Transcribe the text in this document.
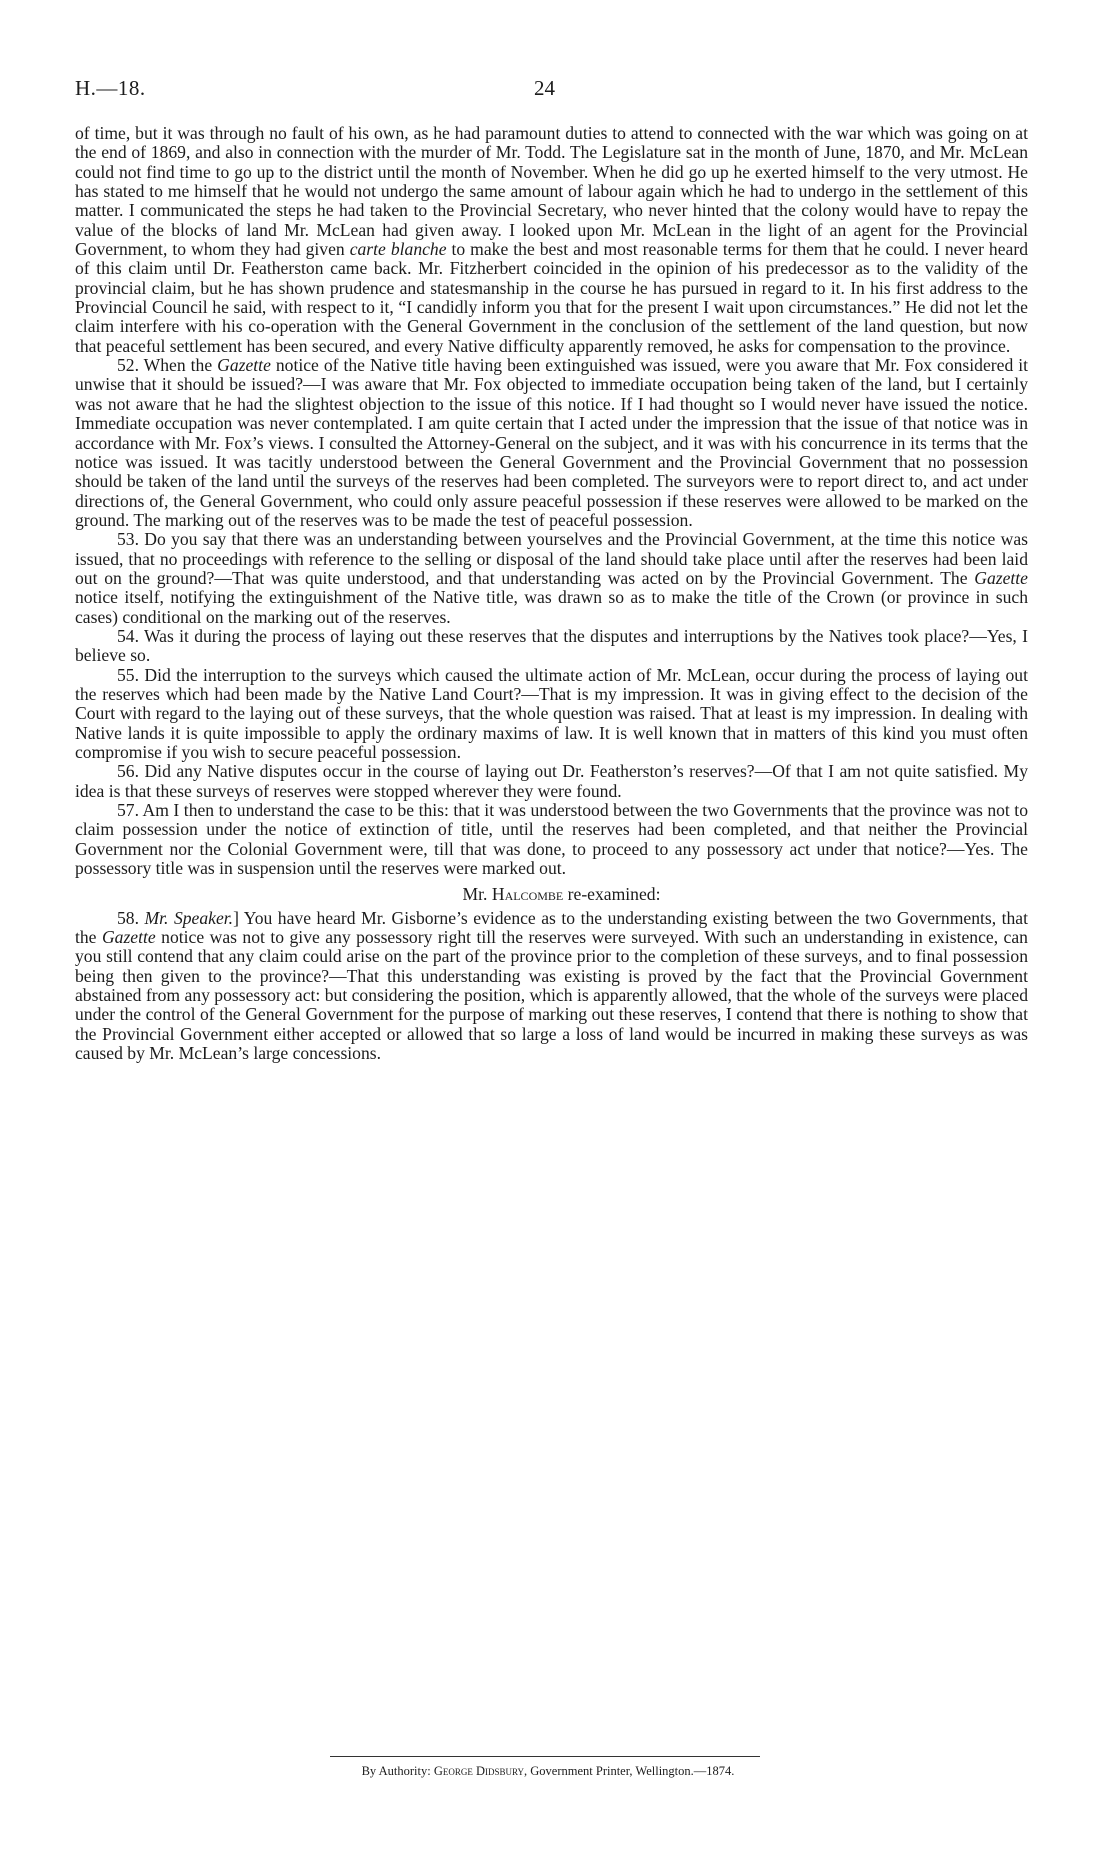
H.—18.	24

of time, but it was through no fault of his own, as he had paramount duties to attend to connected with the war which was going on at the end of 1869, and also in connection with the murder of Mr. Todd. The Legislature sat in the month of June, 1870, and Mr. McLean could not find time to go up to the district until the month of November. When he did go up he exerted himself to the very utmost. He has stated to me himself that he would not undergo the same amount of labour again which he had to undergo in the settlement of this matter. I communicated the steps he had taken to the Provincial Secretary, who never hinted that the colony would have to repay the value of the blocks of land Mr. McLean had given away. I looked upon Mr. McLean in the light of an agent for the Provincial Government, to whom they had given carte blanche to make the best and most reasonable terms for them that he could. I never heard of this claim until Dr. Featherston came back. Mr. Fitzherbert coincided in the opinion of his predecessor as to the validity of the provincial claim, but he has shown prudence and statesmanship in the course he has pursued in regard to it. In his first address to the Provincial Council he said, with respect to it, “I candidly inform you that for the present I wait upon circumstances.” He did not let the claim interfere with his co-operation with the General Government in the conclusion of the settlement of the land question, but now that peaceful settlement has been secured, and every Native difficulty apparently removed, he asks for compensation to the province.

52. When the Gazette notice of the Native title having been extinguished was issued, were you aware that Mr. Fox considered it unwise that it should be issued?—I was aware that Mr. Fox objected to immediate occupation being taken of the land, but I certainly was not aware that he had the slightest objection to the issue of this notice. If I had thought so I would never have issued the notice. Immediate occupation was never contemplated. I am quite certain that I acted under the impression that the issue of that notice was in accordance with Mr. Fox’s views. I consulted the Attorney-General on the subject, and it was with his concurrence in its terms that the notice was issued. It was tacitly understood between the General Government and the Provincial Government that no possession should be taken of the land until the surveys of the reserves had been completed. The surveyors were to report direct to, and act under directions of, the General Government, who could only assure peaceful possession if these reserves were allowed to be marked on the ground. The marking out of the reserves was to be made the test of peaceful possession.

53. Do you say that there was an understanding between yourselves and the Provincial Government, at the time this notice was issued, that no proceedings with reference to the selling or disposal of the land should take place until after the reserves had been laid out on the ground?—That was quite understood, and that understanding was acted on by the Provincial Government. The Gazette notice itself, notifying the extinguishment of the Native title, was drawn so as to make the title of the Crown (or province in such cases) conditional on the marking out of the reserves.

54. Was it during the process of laying out these reserves that the disputes and interruptions by the Natives took place?—Yes, I believe so.

55. Did the interruption to the surveys which caused the ultimate action of Mr. McLean, occur during the process of laying out the reserves which had been made by the Native Land Court?—That is my impression. It was in giving effect to the decision of the Court with regard to the laying out of these surveys, that the whole question was raised. That at least is my impression. In dealing with Native lands it is quite impossible to apply the ordinary maxims of law. It is well known that in matters of this kind you must often compromise if you wish to secure peaceful possession.

56. Did any Native disputes occur in the course of laying out Dr. Featherston’s reserves?—Of that I am not quite satisfied. My idea is that these surveys of reserves were stopped wherever they were found.

57. Am I then to understand the case to be this: that it was understood between the two Governments that the province was not to claim possession under the notice of extinction of title, until the reserves had been completed, and that neither the Provincial Government nor the Colonial Government were, till that was done, to proceed to any possessory act under that notice?—Yes. The possessory title was in suspension until the reserves were marked out.

Mr. Halcombe re-examined:

58. Mr. Speaker.] You have heard Mr. Gisborne’s evidence as to the understanding existing between the two Governments, that the Gazette notice was not to give any possessory right till the reserves were surveyed. With such an understanding in existence, can you still contend that any claim could arise on the part of the province prior to the completion of these surveys, and to final possession being then given to the province?—That this understanding was existing is proved by the fact that the Provincial Government abstained from any possessory act: but considering the position, which is apparently allowed, that the whole of the surveys were placed under the control of the General Government for the purpose of marking out these reserves, I contend that there is nothing to show that the Provincial Government either accepted or allowed that so large a loss of land would be incurred in making these surveys as was caused by Mr. McLean’s large concessions.

By Authority: George Didsbury, Government Printer, Wellington.—1874.
